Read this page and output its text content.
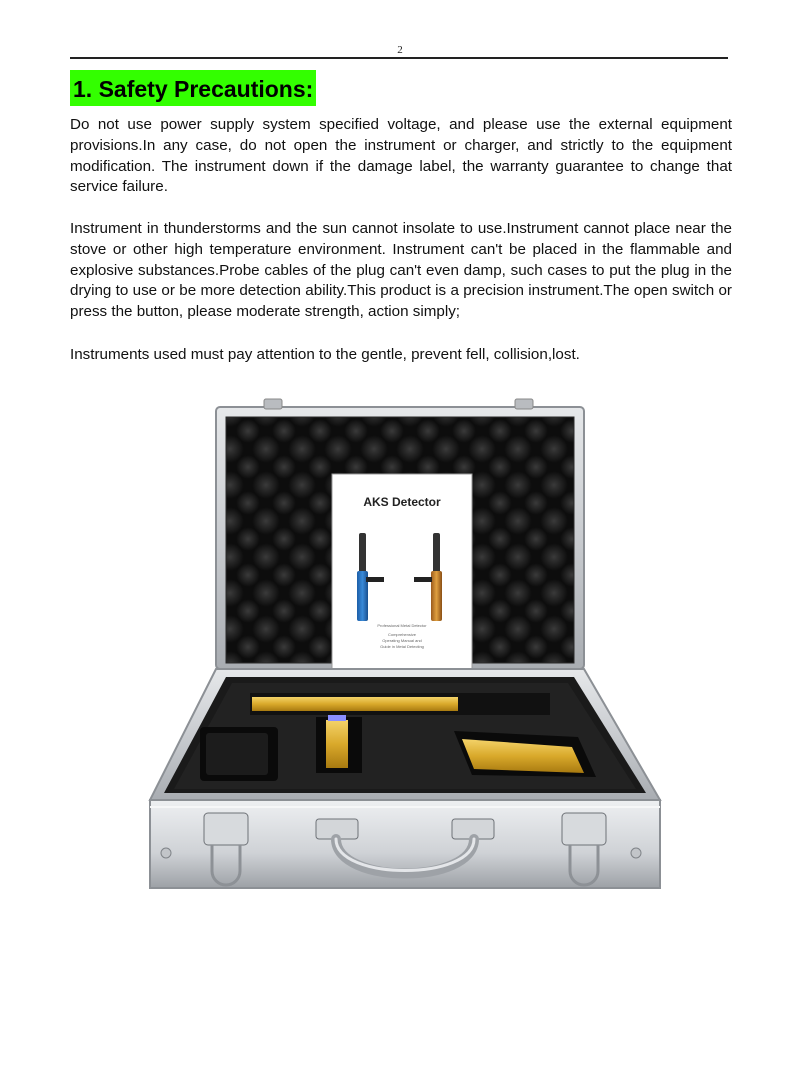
2
1. Safety Precautions:

Do not use power supply system specified voltage, and please use the external equipment provisions.In any case, do not open the instrument or charger, and strictly to the equipment modification. The instrument down if the damage label, the warranty guarantee to change that service failure.

Instrument in thunderstorms and the sun cannot insolate to use.Instrument cannot place near the stove or other high temperature environment. Instrument can't be placed in the flammable and explosive substances.Probe cables of the plug can't even damp, such cases to put the plug in the drying to use or be more detection ability.This product is a precision instrument.The open switch or press the button, please moderate strength, action simply;

Instruments used must pay attention to the gentle, prevent fell, collision,lost.

AKS Detector
Professional Metal Detector
Comprehensive
Operating Manual and
Guide in Metal Detecting
